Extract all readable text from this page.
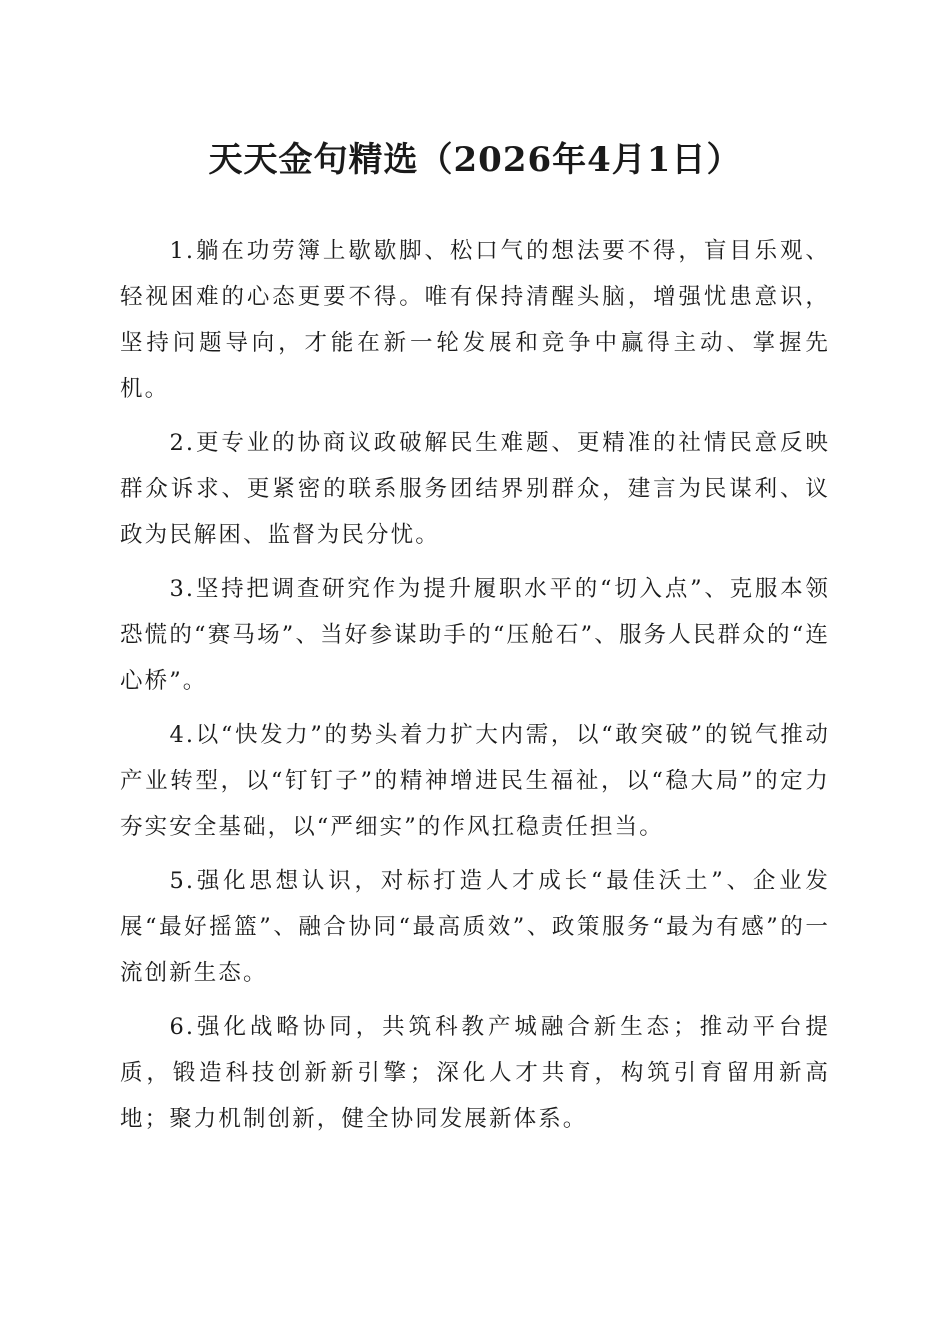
天天金句精选（2026年4月1日）

1.躺在功劳簿上歇歇脚、松口气的想法要不得，盲目乐观、轻视困难的心态更要不得。唯有保持清醒头脑，增强忧患意识，坚持问题导向，才能在新一轮发展和竞争中赢得主动、掌握先机。

2.更专业的协商议政破解民生难题、更精准的社情民意反映群众诉求、更紧密的联系服务团结界别群众，建言为民谋利、议政为民解困、监督为民分忧。

3.坚持把调查研究作为提升履职水平的“切入点”、克服本领恐慌的“赛马场”、当好参谋助手的“压舱石”、服务人民群众的“连心桥”。

4.以“快发力”的势头着力扩大内需，以“敢突破”的锐气推动产业转型，以“钉钉子”的精神增进民生福祉，以“稳大局”的定力夯实安全基础，以“严细实”的作风扛稳责任担当。

5.强化思想认识，对标打造人才成长“最佳沃土”、企业发展“最好摇篮”、融合协同“最高质效”、政策服务“最为有感”的一流创新生态。

6.强化战略协同，共筑科教产城融合新生态；推动平台提质，锻造科技创新新引擎；深化人才共育，构筑引育留用新高地；聚力机制创新，健全协同发展新体系。
